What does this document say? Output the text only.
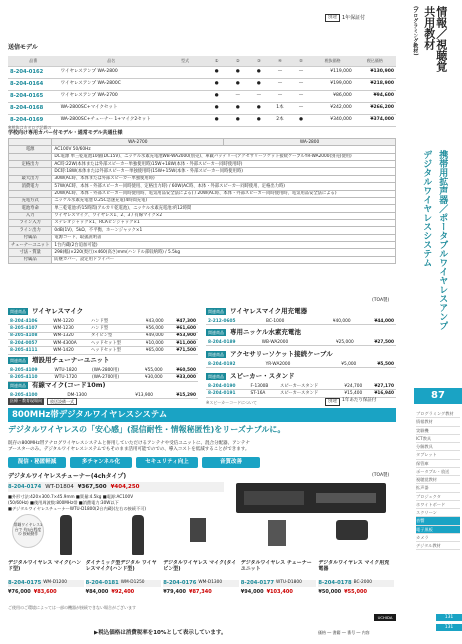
別途	1年保証付
送信モデル
品番	品名	型式	①	②	③	④	⑤	税抜価格	税込価格
8-204-0162	ワイヤレスアンプ WA-2800		●	●	●	—	—	¥119,000	¥130,900
8-204-0164	ワイヤレスアンプ WA-2800C		●	●	●	—	—	¥199,000	¥218,900
8-204-0165	ワイヤレスアンプ WA-2700		●	—	—	—	—	¥86,000	¥94,600
8-204-0168	WA-2800SC+マイクセット		●	●	●	1本	—	¥242,000	¥266,200
8-204-0169	WA-2800SC+チューナー 1+マイク2セット		●	●	●	2本	●	¥340,000	¥374,000
※税抜はカタログ記載の
学校向け専用カバー付モデル・通常モデル共通仕様
	WA-2700	WA-2800
電源	AC100V 50/60Hz	
	DC電源 単三乾電池10個(DC15V)、ニッケル水素充電池WB-WA2000(別売)、車載バッテリー(アクセサリーソケット接続ケーブルYR-WA2000(別売)使用)	
定格出力	AC時:22W(本体または外部スピーカー単独使用時)15W+18W(本体・外部スピーカー同時使用時)	
	DC時:18W(本体または外部スピーカー単独使用時)15W+15W(本体・外部スピーカー同時使用時)	
最大出力	30W(AC時、本体または外部スピーカー単独使用時)	
消費電力	57W(AC時、本体・外部スピーカー同時使用、定格出力時) / 60W(AC時、本体・外部スピーカー同時使用、定格出力時)	
	20W(AC時、本体・外部スピーカー同時使用時、電気用品安全法による) / 20W(AC時、本体・外部スピーカー同時使用時、電気用品安全法による)	
充電方式	ニッケル水素充電池 0.25C急速充電(4時間充電)	
電池寿命	単三乾電池:約15時間(アルカリ乾電池)、ニッケル水素充電池:約12時間	
入力	ワイヤレスマイク、ワイヤレス1、2、3 / 有線マイク×2	
ライン入力	ステレオジャック×1、RCAピンジャック×1	
ライン出力	0dB(1V)、5kΩ、不平衡、ホーンジャック×1	
付属品	電源コード、取扱説明書	
チューナーユニット	1台内蔵(2台追加可能)	
寸法・質量	298(幅)×220(奥行)×460(高さ)mm(ハンドル部収納時) / 5.5kg	
付属品	防塵カバー、設定用ドライバー	
関連商品 ワイヤレスマイク
8-204-4106	WM-1220	ハンド型	¥43,000	¥47,300
8-205-4107	WM-1230	ハンド型	¥56,000	¥61,600
8-205-4108	WM-1320	タイピン型	¥49,000	¥53,900
8-204-0057	WM-4300A	ヘッドセット型	¥10,000	¥11,000
8-205-4111	WM-1420	ヘッドセット型	¥65,000	¥71,500
関連商品 増設用チューナーユニット
8-205-4109	WTU-1820	(WA-2800用)	¥55,000	¥60,500
8-205-4110	WTU-1720	(WA-2700用)	¥30,000	¥33,000
関連商品 有線マイク(コード10m)
8-205-4100	DM-1300		¥13,900	¥15,290
(TOA製)
関連商品 ワイヤレスマイク用充電器
2-212-0605	BC-1000		¥40,000	¥44,000
関連商品 専用ニッケル水素充電池
8-204-0189	WB-WA2000		¥25,000	¥27,500
関連商品 アクセサリーソケット接続ケーブル
8-204-0192	YR-WA2000		¥5,000	¥5,500
関連商品 スピーカー・スタンド
8-204-0190	F-1300B	スピーカースタンド	¥24,700	¥27,170
8-204-0191	ST-16A	スピーカースタンド	¥15,400	¥16,940
※スピーカーコードについて
医療・教育現場向	放送設備一式	別途	1年あたり保証付
800MHz帯デジタルワイヤレスシステム
デジタルワイヤレスの「安心感」(混信耐性・情報秘匿性)をリーズナブルに。
既存の800MHz帯アナログワイヤレスシステムと併用していただけるアンテナや受信ユニットに、混合分配器、アンテナ
ブースターのみ。デジタルワイヤレスシステムでもそのまま活用可能でのでの、導入コストを低減することができます。
混信・秘匿軽減	多チャンネル化	セキュリティ向上	音質改善
デジタルワイヤレスチューナー(4chタイプ)	(TOA製)
8-204-0174 WT-D1804 ¥367,500 ¥404,250
■外形寸法:420×300.7×45.9mm ■質量:4.5kg ■電源:AC100V
(50/60Hz) ■使用周波数:800MHz帯 ■消費電力:30W以下
■デジタルワイヤレスチューナーWTU-D1800(2台内蔵)(左右の接続不可)
帯域ワイヤレス1台で 約5台程度の 接続動作
デジタルワイヤレス マイク(ハンド型)
8-204-0175 WM-D1200
¥76,000 ¥83,600
ダイナミック型デジタル ワイヤレスマイク(ハンド型)
8-204-0181 WM-D1250
¥84,000 ¥92,400
デジタルワイヤレス マイク(タイピン型)
8-204-0176 WM-D1300
¥79,400 ¥87,340
デジタルワイヤレス チューナーユニット
8-204-0177 WTU-D1800
¥94,000 ¥103,400
デジタルワイヤレス マイク用充電器
8-204-0178 BC-2000
¥50,000 ¥55,000
ご使用のご環境によっては一部の機器が接続できない場合がございます
UCHIDA
▶税込価格は消費税率を10%として表示しています。	価格 ― 書籍 ― 番号 ― 内容
情報／視聴覚
共用教材
(プログラミング教材)
携帯用拡声器／ポータブルワイヤレスアンプ
デジタルワイヤレスシステム
87
プログラミング教材
情報教材
実験機
ICT教具
分解教具
タブレット
保管庫
ポータブル・放送
視聴覚教材
拡声器
プロジェクタ
ホワイトボード
スクリーン
音響
電子黒板
カメラ
デジタル教材
131
131
